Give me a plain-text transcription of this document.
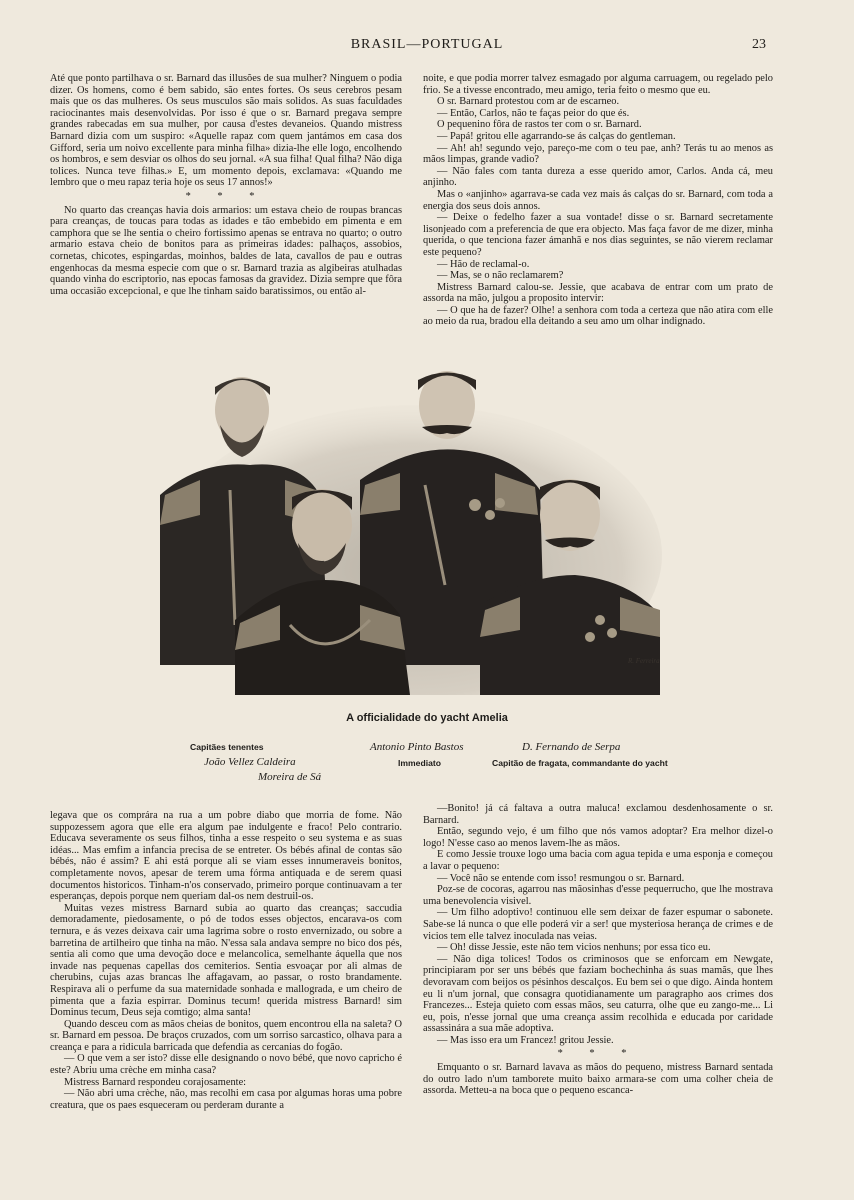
BRASIL—PORTUGAL	23

Até que ponto partilhava o sr. Barnard das illusões de sua mulher? Ninguem o podia dizer. Os homens, como é bem sabido, são entes fortes. Os seus cerebros pesam mais que os das mulheres. Os seus musculos são mais solidos. As suas faculdades raciocinantes mais desenvolvidas. Por isso é que o sr. Barnard pregava sempre grandes rabecadas em sua mulher, por causa d'estes devaneios. Quando mistress Barnard dizia com um suspiro: «Aquelle rapaz com quem jantámos em casa dos Gifford, seria um noivo excellente para minha filha» dizia-lhe elle logo, encolhendo os hombros, e sem desviar os olhos do seu jornal. «A sua filha! Qual filha? Não diga tolices. Nunca teve filhas.» E, um momento depois, exclamava: «Quando me lembro que o meu rapaz teria hoje os seus 17 annos!»

* * *

No quarto das creanças havia dois armarios: um estava cheio de roupas brancas para creanças, de toucas para todas as idades e tão embebido em pimenta e em camphora que se lhe sentia o cheiro fortissimo apenas se entrava no quarto; o outro armario estava cheio de bonitos para as primeiras idades: palhaços, assobios, cornetas, chicotes, espingardas, moinhos, baldes de lata, cavallos de pau e outras engenhocas da mesma especie com que o sr. Barnard trazia as algibeiras atulhadas quando vinha do escriptorio, nas epocas famosas da gravidez. Dizia sempre que fôra uma occasião excepcional, e que lhe tinham saido baratissimos, ou então al-

noite, e que podia morrer talvez esmagado por alguma carruagem, ou regelado pelo frio. Se a tivesse encontrado, meu amigo, teria feito o mesmo que eu.

O sr. Barnard protestou com ar de escarneo.

— Então, Carlos, não te faças peior do que és.

O pequenino fôra de rastos ter com o sr. Barnard.

— Papá! gritou elle agarrando-se ás calças do gentleman.

— Ah! ah! segundo vejo, pareço-me com o teu pae, anh? Terás tu ao menos as mãos limpas, grande vadio?

— Não fales com tanta dureza a esse querido amor, Carlos. Anda cá, meu anjinho.

Mas o «anjinho» agarrava-se cada vez mais ás calças do sr. Barnard, com toda a energia dos seus dois annos.

— Deixe o fedelho fazer a sua vontade! disse o sr. Barnard secretamente lisonjeado com a preferencia de que era objecto. Mas faça favor de me dizer, minha querida, o que tenciona fazer ámanhã e nos dias seguintes, se não vierem reclamar este pequeno?

— Hão de reclamal-o.

— Mas, se o não reclamarem?

Mistress Barnard calou-se. Jessie, que acabava de entrar com um prato de assorda na mão, julgou a proposito intervir:

— O que ha de fazer? Olhe! a senhora com toda a certeza que não atira com elle ao meio da rua, bradou ella deitando a seu amo um olhar indignado.

R. Ferreira
A officialidade do yacht Amelia
Capitães tenentes
João Vellez Caldeira
Moreira de Sá
Antonio Pinto Bastos
Immediato
D. Fernando de Serpa
Capitão de fragata, commandante do yacht

legava que os comprára na rua a um pobre diabo que morria de fome. Não suppozessem agora que elle era algum pae indulgente e fraco! Pelo contrario. Educava severamente os seus filhos, tinha a esse respeito o seu systema e as suas idéas... Mas emfim a infancia precisa de se entreter. Os bébés afinal de contas são bébés, não é assim? E ahi está porque ali se viam esses innumeraveis bonitos, completamente novos, apesar de terem uma fórma antiquada e de serem quasi documentos historicos. Tinham-n'os conservado, primeiro porque continuavam a ter esperanças, depois porque nem queriam dal-os nem destruil-os.

Muitas vezes mistress Barnard subia ao quarto das creanças; saccudia demoradamente, piedosamente, o pó de todos esses objectos, encarava-os com ternura, e ás vezes deixava cair uma lagrima sobre o rosto envernizado, ou sobre a barretina de artilheiro que tinha na mão. N'essa sala andava sempre no bico dos pés, sentia ali como que uma devoção doce e melancolica, semelhante áquella que nos invade nas pequenas capellas dos cemiterios. Sentia esvoaçar por ali almas de cherubins, cujas azas brancas lhe affagavam, ao passar, o rosto brandamente. Respirava ali o perfume da sua maternidade sonhada e mallograda, e um cheiro de pimenta que a fazia espirrar. Dominus tecum! querida mistress Barnard! sim Dominus tecum, Deus seja comtigo; alma santa!

Quando desceu com as mãos cheias de bonitos, quem encontrou ella na saleta? O sr. Barnard em pessoa. De braços cruzados, com um sorriso sarcastico, olhava para a creança e para a ridicula barricada que defendia as cercanias do fogão.

— O que vem a ser isto? disse elle designando o novo bébé, que novo capricho é este? Abriu uma crèche em minha casa?

Mistress Barnard respondeu corajosamente:

— Não abri uma crèche, não, mas recolhi em casa por algumas horas uma pobre creatura, que os paes esqueceram ou perderam durante a

—Bonito! já cá faltava a outra maluca! exclamou desdenhosamente o sr. Barnard.

Então, segundo vejo, é um filho que nós vamos adoptar? Era melhor dizel-o logo! N'esse caso ao menos lavem-lhe as mãos.

E como Jessie trouxe logo uma bacia com agua tepida e uma esponja e começou a lavar o pequeno:

— Você não se entende com isso! resmungou o sr. Barnard.

Poz-se de cocoras, agarrou nas mãosinhas d'esse pequerrucho, que lhe mostrava uma benevolencia visivel.

— Um filho adoptivo! continuou elle sem deixar de fazer espumar o sabonete. Sabe-se lá nunca o que elle poderá vir a ser! que mysteriosa herança de crimes e de vicios tem elle talvez inoculada nas veias.

— Oh! disse Jessie, este não tem vicios nenhuns; por essa tico eu.

— Não diga tolices! Todos os criminosos que se enforcam em Newgate, principiaram por ser uns bébés que faziam bochechinha ás suas mamãs, que lhes devoravam com beijos os pésinhos descalços. Eu bem sei o que digo. Ainda hontem eu li n'um jornal, que consagra quotidianamente um paragrapho aos crimes dos Francezes... Esteja quieto com essas mãos, seu caturra, olhe que eu zango-me... Li eu, pois, n'esse jornal que uma creança assim recolhida e educada por caridade assassinára a sua mãe adoptiva.

— Mas isso era um Francez! gritou Jessie.

* * *

Emquanto o sr. Barnard lavava as mãos do pequeno, mistress Barnard sentada do outro lado n'um tamborete muito baixo armara-se com uma colher cheia de assorda. Metteu-a na boca que o pequeno escanca-
